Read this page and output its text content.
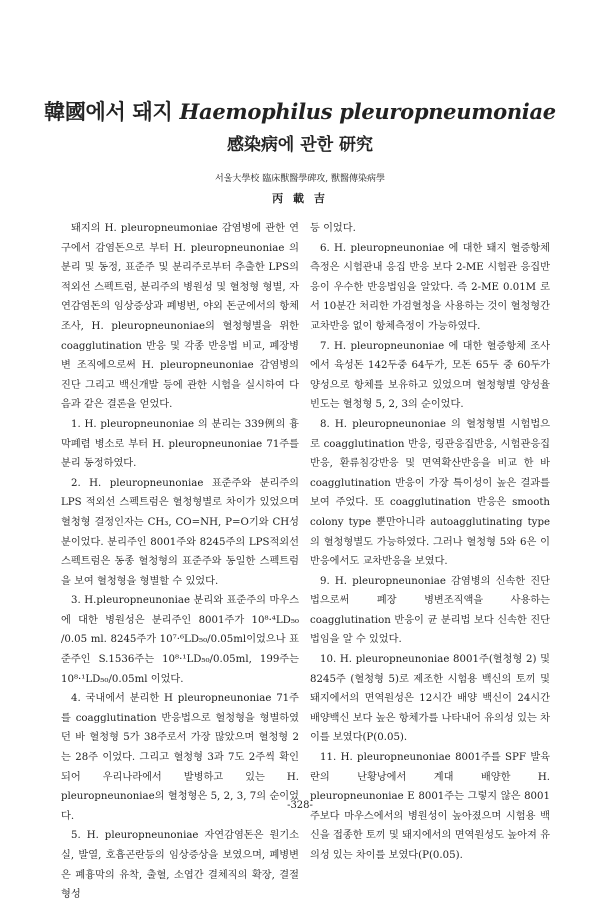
韓國에서 돼지 Haemophilus pleuropneumoniae
感染病에 관한 研究
서울大學校 臨床獸醫學碑攻, 獸醫傳染病學
丙 載 吉

돼지의 H. pleuropneumoniae 감염병에 관한 연구에서 감염돈으로 부터 H. pleuropneunoniae 의 분리 및 동정, 표준주 및 분리주로부터 추출한 LPS의 적외선 스펙트럼, 분리주의 병원성 및 혈청형 형별, 자연감염돈의 임상증상과 폐병변, 야외 돈군에서의 항체조사, H. pleuropneunoniae의 혈청형별을 위한 coagglutination 반응 및 각종 반응법 비교, 폐장병변 조직에으로써 H. pleuropneunoniae 감염병의 진단 그리고 백신개발 등에 관한 시험을 실시하여 다음과 같은 결론을 얻었다.

1. H. pleuropneunoniae 의 분리는 339例의 흉막폐렴 병소로 부터 H. pleuropneunoniae 71주를 분리 동정하였다.

2. H. pleuropneunoniae 표준주와 분리주의 LPS 적외선 스펙트럼은 혈청형별로 차이가 있었으며 혈청형 결정인자는 CH₃, CO=NH, P=O기와 CH성분이었다. 분리주인 8001주와 8245주의 LPS적외선 스펙트럼은 동종 혈청형의 표준주와 동일한 스펙트럼을 보여 혈청형을 형별할 수 있었다.

3. H.pleuropneunoniae 분리와 표준주의 마우스에 대한 병원성은 분리주인 8001주가 10⁸·⁴LD₅₀ /0.05 ml. 8245주가 10⁷·⁶LD₅₀/0.05ml이었으나 표준주인 S.1536주는 10⁸·¹LD₅₀/0.05ml, 199주는 10⁸·¹LD₅₀/0.05ml 이었다.

4. 국내에서 분리한 H pleuropneunoniae 71주를 coagglutination 반응법으로 혈청형을 형별하였던 바 혈청형 5가 38주로서 가장 많았으며 혈청형 2는 28주 이었다. 그리고 혈청형 3과 7도 2주씩 확인되어 우리나라에서 발병하고 있는 H. pleuropneunoniae의 혈청형은 5, 2, 3, 7의 순이었다.

5. H. pleuropneunoniae 자연감염돈은 원기소실, 발열, 호흡곤란등의 임상증상을 보였으며, 폐병변은 폐흉막의 유착, 출혈, 소엽간 결체직의 확장, 결절형성

등 이었다.

6. H. pleuropneunoniae 에 대한 돼지 혈증항체 측정은 시험관내 응집 반응 보다 2-ME 시험관 응집반응이 우수한 반응법임을 알았다. 즉 2-ME 0.01M 로서 10분간 처리한 가검혈청을 사용하는 것이 혈청형간 교차반응 없이 항체측정이 가능하였다.

7. H. pleuropneunoniae 에 대한 혈증항체 조사에서 육성돈 142두중 64두가, 모돈 65두 중 60두가 양성으로 항체를 보유하고 있었으며 혈청형별 양성율 빈도는 혈청형 5, 2, 3의 순이었다.

8. H. pleuropneunoniae 의 혈청형별 시험법으로 coagglutination 반응, 링관응집반응, 시험관응집반응, 환류침강반응 및 면역확산반응을 비교 한 바 coagglutination 반응이 가장 특이성이 높은 결과를 보여 주었다. 또 coagglutination 반응은 smooth colony type 뿐만아니라 autoagglutinating type의 혈청형별도 가능하였다. 그러나 혈청형 5와 6은 이 반응에서도 교차반응을 보였다.

9. H. pleuropneunoniae 감염병의 신속한 진단법으로써 폐장 병변조직액을 사용하는 coagglutination 반응이 균 분리법 보다 신속한 진단법임을 알 수 있었다.

10. H. pleuropneunoniae 8001주(혈청형 2) 및 8245주 (혈청형 5)로 제조한 시험용 백신의 토끼 및 돼지에서의 면역원성은 12시간 배양 백신이 24시간 배양백신 보다 높은 항체가를 나타내어 유의성 있는 차이를 보였다(P(0.05).

11. H. pleuropneunoniae 8001주를 SPF 발육란의 난황낭에서 계대 배양한 H. pleuropneunoniae E 8001주는 그렇지 않은 8001주보다 마우스에서의 병원성이 높아졌으며 시험용 백신을 접종한 토끼 및 돼지에서의 면역원성도 높아져 유의성 있는 차이를 보였다(P(0.05).

-328-
